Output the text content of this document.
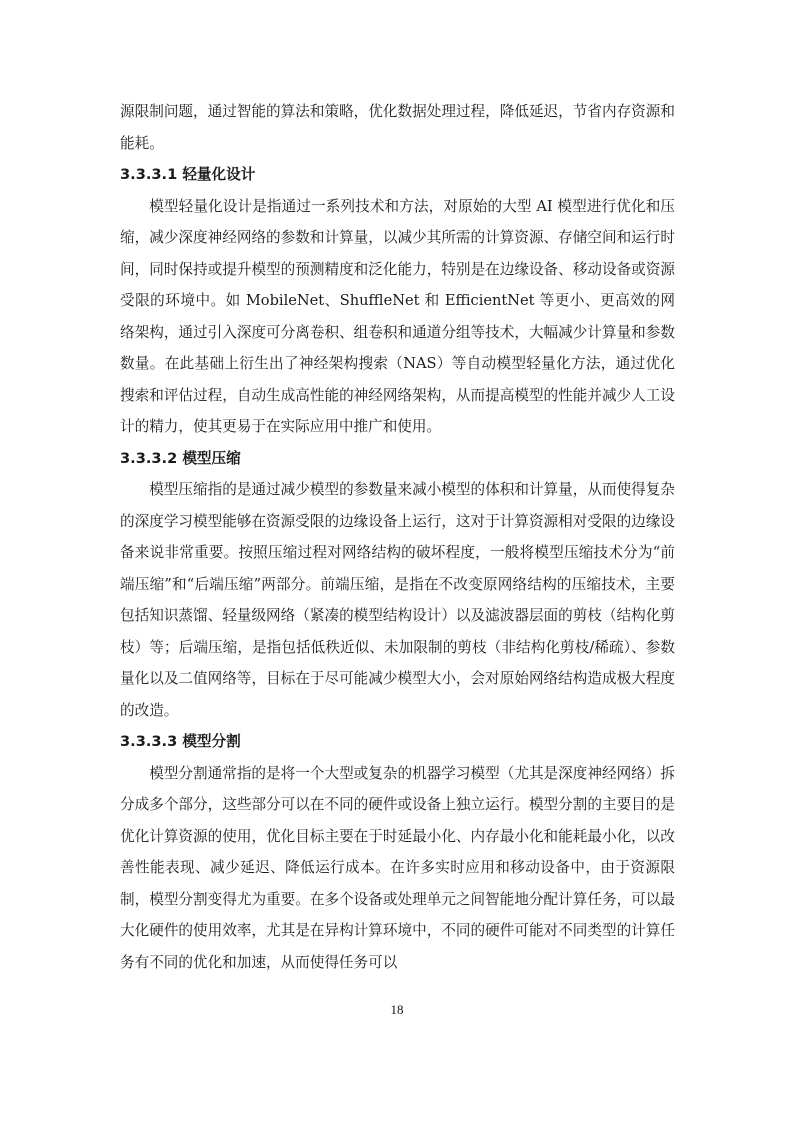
源限制问题，通过智能的算法和策略，优化数据处理过程，降低延迟，节省内存资源和能耗。

3.3.3.1 轻量化设计

模型轻量化设计是指通过一系列技术和方法，对原始的大型 AI 模型进行优化和压缩，减少深度神经网络的参数和计算量，以减少其所需的计算资源、存储空间和运行时间，同时保持或提升模型的预测精度和泛化能力，特别是在边缘设备、移动设备或资源受限的环境中。如 MobileNet、ShuffleNet 和 EfficientNet 等更小、更高效的网络架构，通过引入深度可分离卷积、组卷积和通道分组等技术，大幅减少计算量和参数数量。在此基础上衍生出了神经架构搜索（NAS）等自动模型轻量化方法，通过优化搜索和评估过程，自动生成高性能的神经网络架构，从而提高模型的性能并减少人工设计的精力，使其更易于在实际应用中推广和使用。

3.3.3.2 模型压缩

模型压缩指的是通过减少模型的参数量来减小模型的体积和计算量，从而使得复杂的深度学习模型能够在资源受限的边缘设备上运行，这对于计算资源相对受限的边缘设备来说非常重要。按照压缩过程对网络结构的破坏程度，一般将模型压缩技术分为“前端压缩”和“后端压缩”两部分。前端压缩，是指在不改变原网络结构的压缩技术，主要包括知识蒸馏、轻量级网络（紧凑的模型结构设计）以及滤波器层面的剪枝（结构化剪枝）等；后端压缩，是指包括低秩近似、未加限制的剪枝（非结构化剪枝/稀疏）、参数量化以及二值网络等，目标在于尽可能减少模型大小，会对原始网络结构造成极大程度的改造。

3.3.3.3 模型分割

模型分割通常指的是将一个大型或复杂的机器学习模型（尤其是深度神经网络）拆分成多个部分，这些部分可以在不同的硬件或设备上独立运行。模型分割的主要目的是优化计算资源的使用，优化目标主要在于时延最小化、内存最小化和能耗最小化，以改善性能表现、减少延迟、降低运行成本。在许多实时应用和移动设备中，由于资源限制，模型分割变得尤为重要。在多个设备或处理单元之间智能地分配计算任务，可以最大化硬件的使用效率，尤其是在异构计算环境中，不同的硬件可能对不同类型的计算任务有不同的优化和加速，从而使得任务可以

18
